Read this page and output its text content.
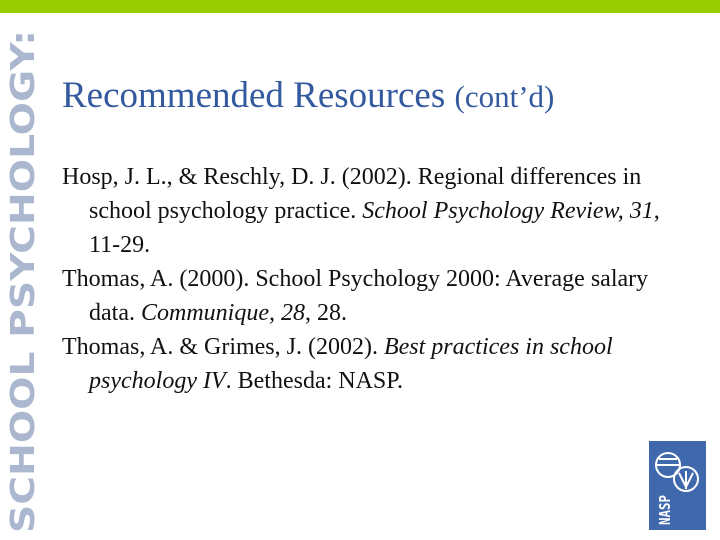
SCHOOL PSYCHOLOGY:
Recommended Resources (cont’d)

Hosp, J. L., & Reschly, D. J. (2002). Regional differences in school psychology practice. School Psychology Review, 31, 11-29.

Thomas, A. (2000). School Psychology 2000: Average salary data. Communique, 28, 28.

Thomas, A. & Grimes, J. (2002). Best practices in school psychology IV. Bethesda: NASP.

NASP
